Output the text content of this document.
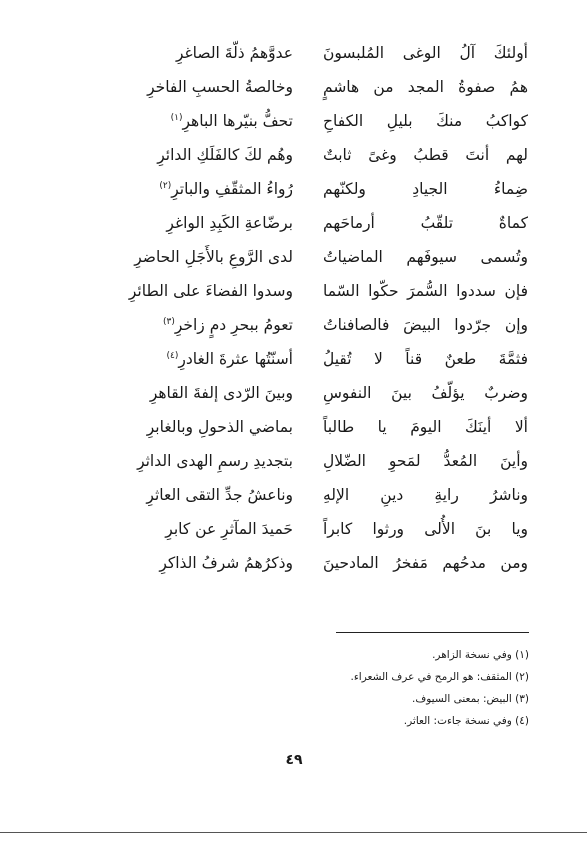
أولئكَ آلُ الوغى المُلبسونَ
عدوَّهمُ ذلّةَ الصاغرِ
همُ صفوةُ المجد من هاشمٍ
وخالصةُ الحسبِ الفاخرِ
كواكبُ منكَ بليلِ الكفاحِ
تحفُّ بنيّرها الباهرِ$^{(١)}$
لهم أنتَ قطبُ وغىً ثابتٌ
وهُم لكَ كالفَلَكِ الدائرِ
ضِماءُ الجيادِ ولكنّهم
رُواءُ المثقّفِ والباترِ$^{(٢)}$
كماةٌ تلقّبُ أرماحَهم
برضّاعةِ الكَبِدِ الواغرِ
وتُسمى سيوفَهم الماضياتُ
لدى الرَّوعِ بالأَجَلِ الحاضرِ
فإن سددوا السُّمرَ حكّوا السّما
وسدوا الفضاءَ على الطائرِ
وإن جرّدوا البيضَ فالصافناتُ
تعومُ ببحرِ دمٍ زاخرِ$^{(٣)}$
فثمَّةَ طعنٌ قناً لا تُقيلُ
أسنّتُها عثرةَ الغادرِ$^{(٤)}$
وضربٌ يؤلّفُ بينَ النفوسِ
وبينَ الرّدى إلفةَ القاهرِ
ألا أينَكَ اليومَ يا طالباً
بماضي الذحولِ وبالغابرِ
وأينَ المُعدُّ لمَحوِ الضّلالِ
بتجديدِ رسمِ الهدى الداثرِ
وناشرُ رايةِ دينِ الإلهِ
وناعشُ جدِّ التقى العاثرِ
ويا بنَ الأُلى ورثوا كابراً
حَميدَ المآثرِ عن كابرِ
ومن مدحُهم مَفخرُ المادحينَ
وذكرُهمُ شرفُ الذاكرِ
(١) وفي نسخة الزاهر.
(٢) المثقف: هو الرمح في عرف الشعراء.
(٣) البيض: بمعنى السيوف.
(٤) وفي نسخة جاءت: العاثر.
٤٩
